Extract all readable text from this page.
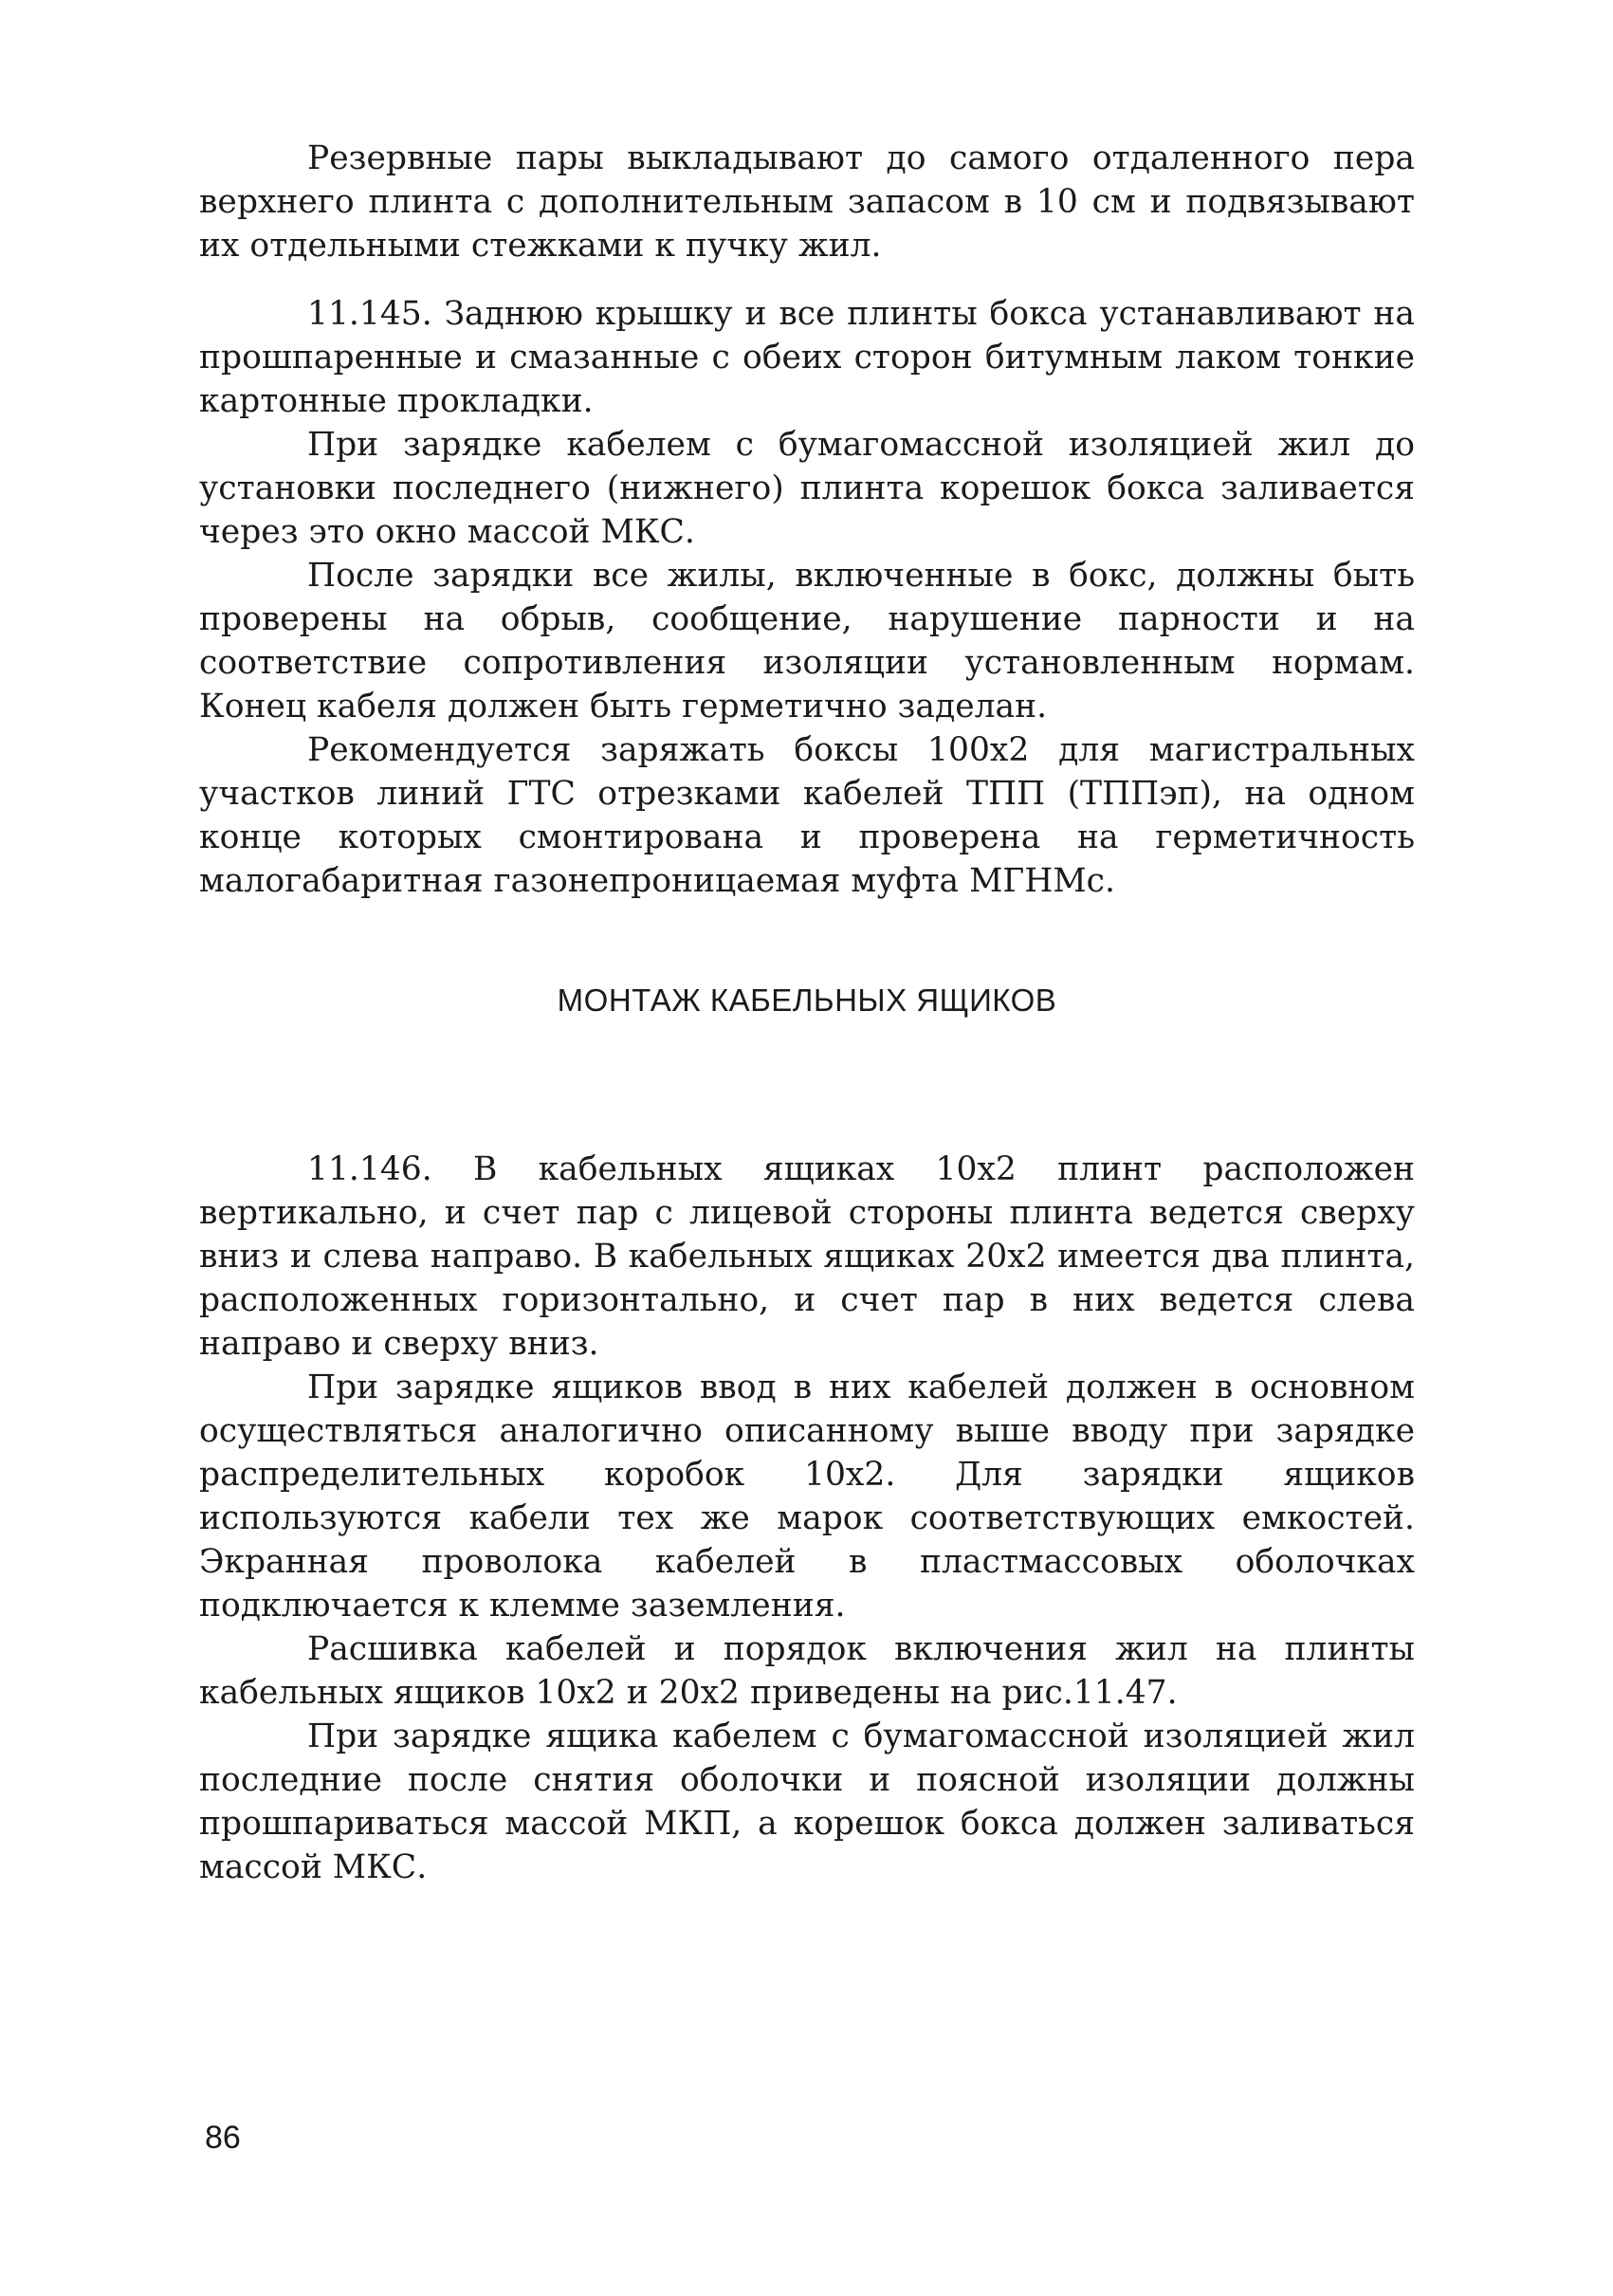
Резервные пары выкладывают до самого отдаленного пера верхнего плинта с дополнительным запасом в 10 см и подвязывают их отдельными стежками к пучку жил.

11.145. Заднюю крышку и все плинты бокса устанавливают на прошпаренные и смазанные с обеих сторон битумным лаком тонкие картонные прокладки.

При зарядке кабелем с бумагомассной изоляцией жил до установки последнего (нижнего) плинта корешок бокса заливается через это окно массой МКС.

После зарядки все жилы, включенные в бокс, должны быть проверены на обрыв, сообщение, нарушение парности и на соответствие сопротивления изоляции установленным нормам. Конец кабеля должен быть герметично заделан.

Рекомендуется заряжать боксы 100х2 для магистральных участков линий ГТС отрезками кабелей ТПП (ТППэп), на одном конце которых смонтирована и проверена на герметичность малогабаритная газонепроницаемая муфта МГНМс.

МОНТАЖ КАБЕЛЬНЫХ ЯЩИКОВ

11.146. В кабельных ящиках 10х2 плинт расположен вертикально, и счет пар с лицевой стороны плинта ведется сверху вниз и слева направо. В кабельных ящиках 20х2 имеется два плинта, расположенных горизонтально, и счет пар в них ведется слева направо и сверху вниз.

При зарядке ящиков ввод в них кабелей должен в основном осуществляться аналогично описанному выше вводу при зарядке распределительных коробок 10х2. Для зарядки ящиков используются кабели тех же марок соответствующих емкостей. Экранная проволока кабелей в пластмассовых оболочках подключается к клемме заземления.

Расшивка кабелей и порядок включения жил на плинты кабельных ящиков 10х2 и 20х2 приведены на рис.11.47.

При зарядке ящика кабелем с бумагомассной изоляцией жил последние после снятия оболочки и поясной изоляции должны прошпариваться массой МКП, а корешок бокса должен заливаться массой МКС.

86
